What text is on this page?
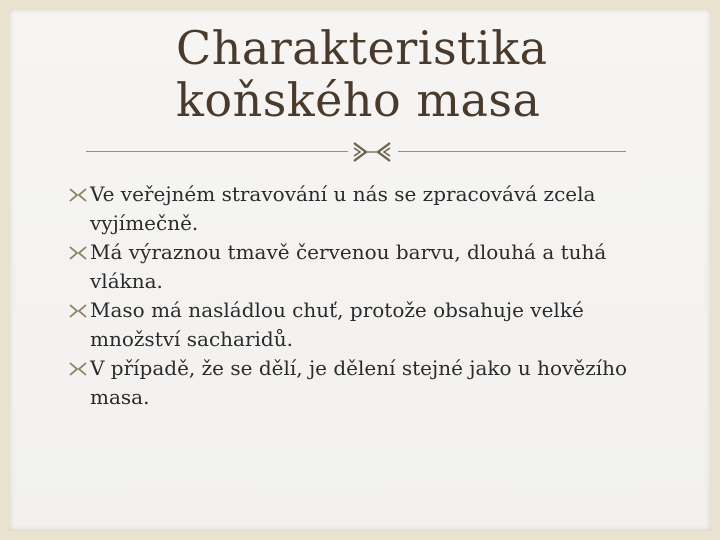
Charakteristika
koňského masa
Ve veřejném stravování u nás se zpracovává zcela vyjímečně.
Má výraznou tmavě červenou barvu, dlouhá a tuhá vlákna.
Maso má nasládlou chuť, protože obsahuje velké množství sacharidů.
V případě, že se dělí, je dělení stejné jako u hovězího masa.
